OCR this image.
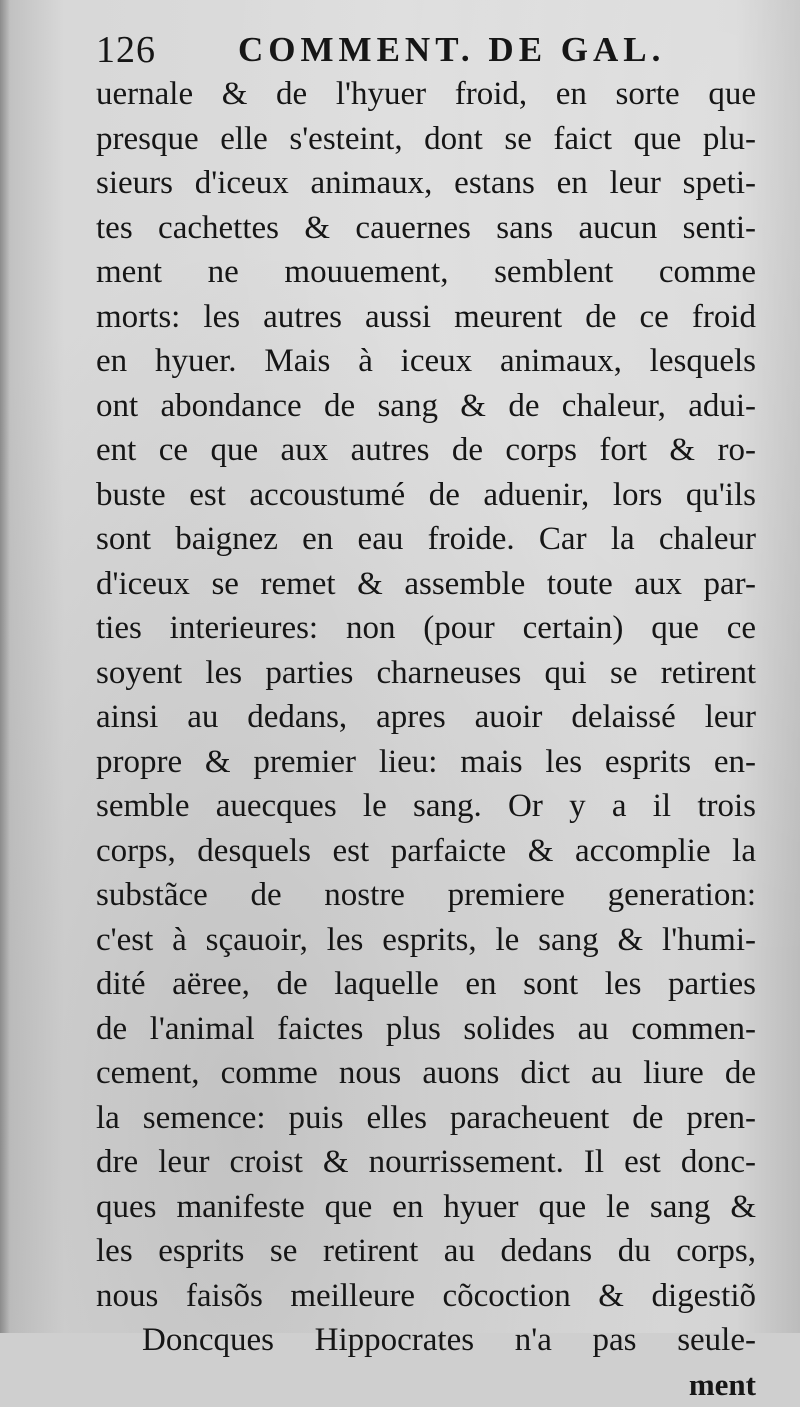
126 COMMENT. DE GAL.
uernale & de l'hyuer froid, en sorte que
presque elle s'esteint, dont se faict que plu-
sieurs d'iceux animaux, estans en leur speti-
tes cachettes & cauernes sans aucun senti-
ment ne mouuement, semblent comme
morts: les autres aussi meurent de ce froid
en hyuer. Mais à iceux animaux, lesquels
ont abondance de sang & de chaleur, adui-
ent ce que aux autres de corps fort & ro-
buste est accoustumé de aduenir, lors qu'ils
sont baignez en eau froide. Car la chaleur
d'iceux se remet & assemble toute aux par-
ties interieures: non (pour certain) que ce
soyent les parties charneuses qui se retirent
ainsi au dedans, apres auoir delaissé leur
propre & premier lieu: mais les esprits en-
semble auecques le sang. Or y a il trois
corps, desquels est parfaicte & accomplie la
substãce de nostre premiere generation:
c'est à sçauoir, les esprits, le sang & l'humi-
dité aëree, de laquelle en sont les parties
de l'animal faictes plus solides au commen-
cement, comme nous auons dict au liure de
la semence: puis elles paracheuent de pren-
dre leur croist & nourrissement. Il est donc-
ques manifeste que en hyuer que le sang &
les esprits se retirent au dedans du corps,
nous faisõs meilleure cõcoction & digestiõ
Doncques Hippocrates n'a pas seule-
ment
